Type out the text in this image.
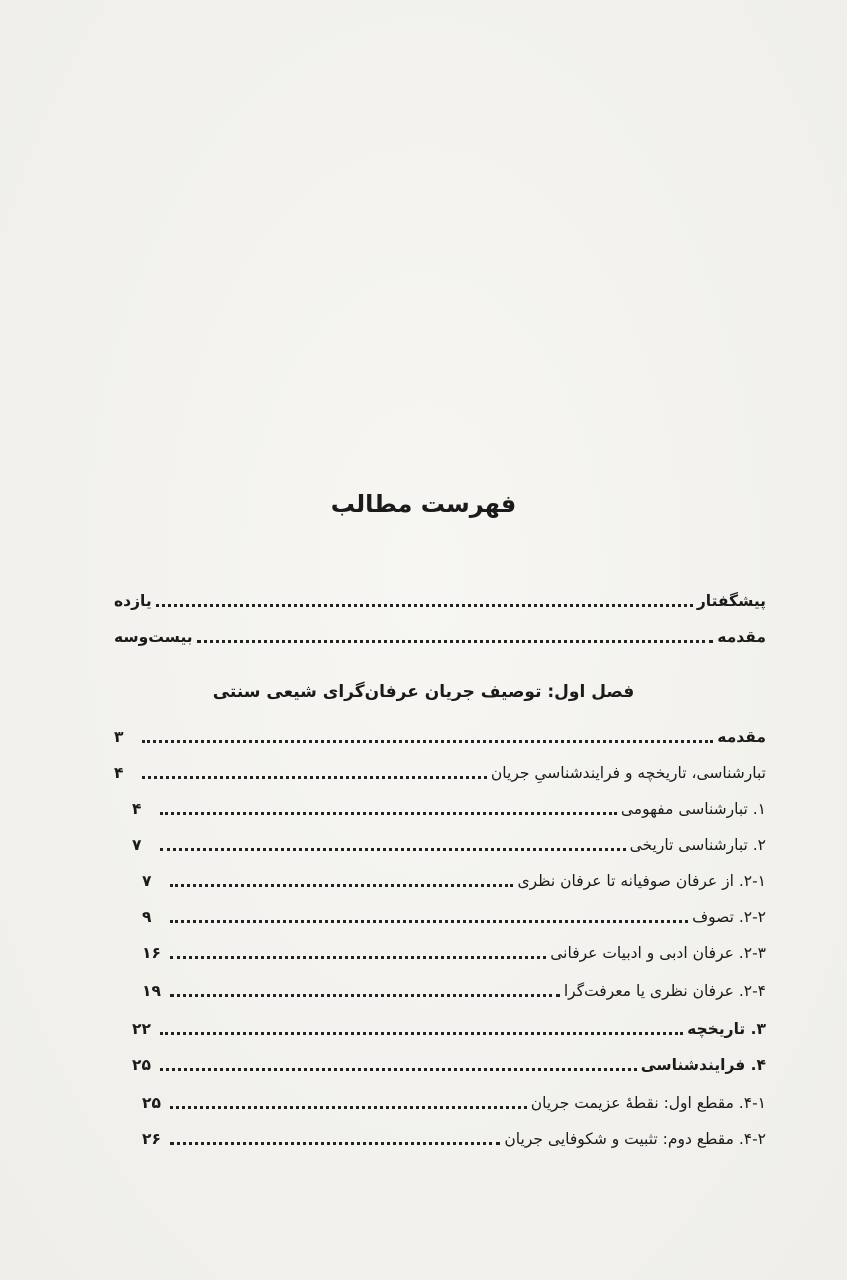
فهرست مطالب
پیشگفتار
یازده
مقدمه
بیست‌وسه
فصل اول: توصیف جریان عرفان‌گرای شیعی سنتی
مقدمه
۳
تبارشناسی، تاریخچه و فرایندشناسیِ جریان
۴
۱. تبارشناسی مفهومی
۴
۲. تبارشناسی تاریخی
۷
۲-۱. از عرفان صوفیانه تا عرفان نظری
۷
۲-۲. تصوف
۹
۲-۳. عرفان ادبی و ادبیات عرفانی
۱۶
۲-۴. عرفان نظری یا معرفت‌گرا
۱۹
۳. تاریخچه
۲۲
۴. فرایندشناسی
۲۵
۴-۱. مقطع اول: نقطهٔ عزیمت جریان
۲۵
۴-۲. مقطع دوم: تثبیت و شکوفایی جریان
۲۶
